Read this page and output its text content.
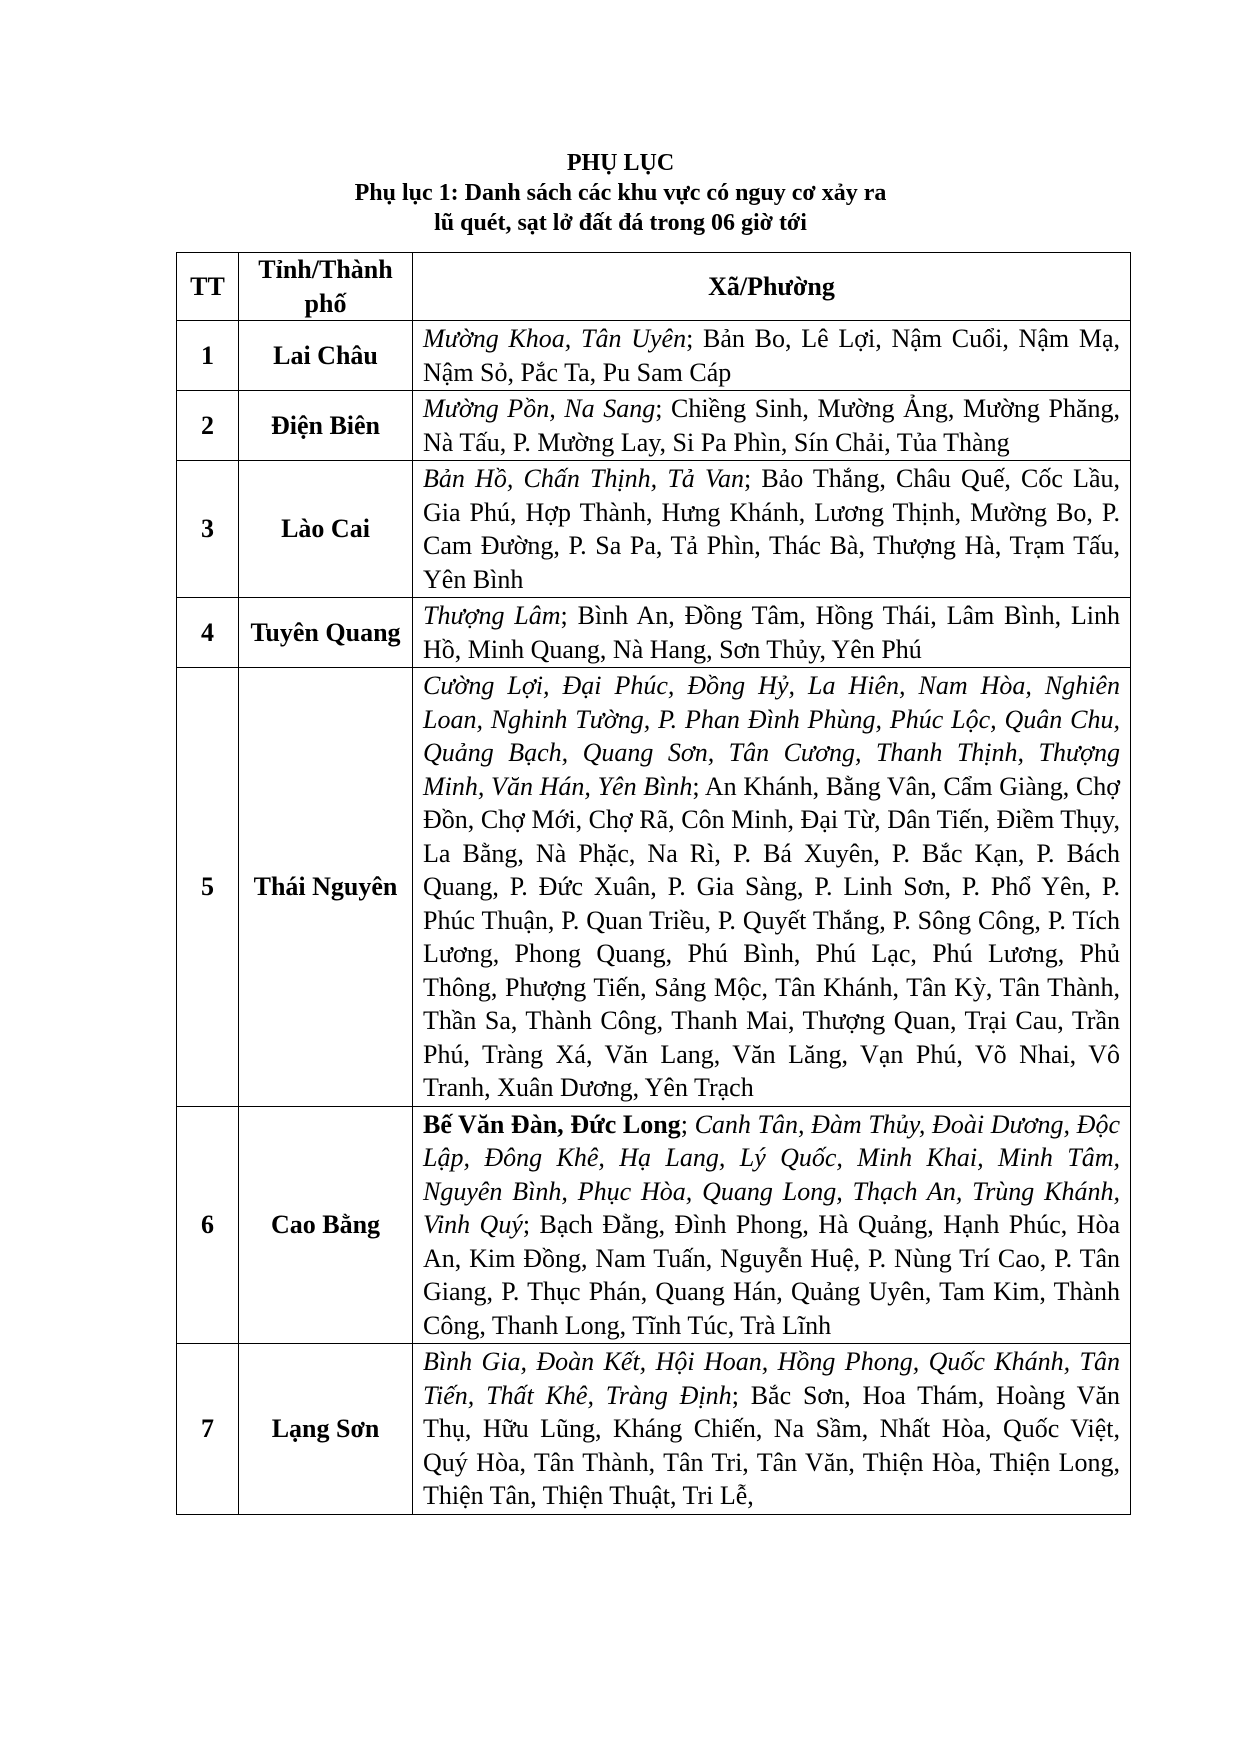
PHỤ LỤC
Phụ lục 1: Danh sách các khu vực có nguy cơ xảy ra
lũ quét, sạt lở đất đá trong 06 giờ tới
TT	Tỉnh/Thành phố	Xã/Phường
1	Lai Châu	Mường Khoa, Tân Uyên; Bản Bo, Lê Lợi, Nậm Cuổi, Nậm Mạ, Nậm Sỏ, Pắc Ta, Pu Sam Cáp
2	Điện Biên	Mường Pồn, Na Sang; Chiềng Sinh, Mường Ảng, Mường Phăng, Nà Tấu, P. Mường Lay, Si Pa Phìn, Sín Chải, Tủa Thàng
3	Lào Cai	Bản Hồ, Chấn Thịnh, Tả Van; Bảo Thắng, Châu Quế, Cốc Lầu, Gia Phú, Hợp Thành, Hưng Khánh, Lương Thịnh, Mường Bo, P. Cam Đường, P. Sa Pa, Tả Phìn, Thác Bà, Thượng Hà, Trạm Tấu, Yên Bình
4	Tuyên Quang	Thượng Lâm; Bình An, Đồng Tâm, Hồng Thái, Lâm Bình, Linh Hồ, Minh Quang, Nà Hang, Sơn Thủy, Yên Phú
5	Thái Nguyên	Cường Lợi, Đại Phúc, Đồng Hỷ, La Hiên, Nam Hòa, Nghiên Loan, Nghinh Tường, P. Phan Đình Phùng, Phúc Lộc, Quân Chu, Quảng Bạch, Quang Sơn, Tân Cương, Thanh Thịnh, Thượng Minh, Văn Hán, Yên Bình; An Khánh, Bằng Vân, Cẩm Giàng, Chợ Đồn, Chợ Mới, Chợ Rã, Côn Minh, Đại Từ, Dân Tiến, Điềm Thụy, La Bằng, Nà Phặc, Na Rì, P. Bá Xuyên, P. Bắc Kạn, P. Bách Quang, P. Đức Xuân, P. Gia Sàng, P. Linh Sơn, P. Phổ Yên, P. Phúc Thuận, P. Quan Triều, P. Quyết Thắng, P. Sông Công, P. Tích Lương, Phong Quang, Phú Bình, Phú Lạc, Phú Lương, Phủ Thông, Phượng Tiến, Sảng Mộc, Tân Khánh, Tân Kỳ, Tân Thành, Thần Sa, Thành Công, Thanh Mai, Thượng Quan, Trại Cau, Trần Phú, Tràng Xá, Văn Lang, Văn Lăng, Vạn Phú, Võ Nhai, Vô Tranh, Xuân Dương, Yên Trạch
6	Cao Bằng	Bế Văn Đàn, Đức Long; Canh Tân, Đàm Thủy, Đoài Dương, Độc Lập, Đông Khê, Hạ Lang, Lý Quốc, Minh Khai, Minh Tâm, Nguyên Bình, Phục Hòa, Quang Long, Thạch An, Trùng Khánh, Vinh Quý; Bạch Đằng, Đình Phong, Hà Quảng, Hạnh Phúc, Hòa An, Kim Đồng, Nam Tuấn, Nguyễn Huệ, P. Nùng Trí Cao, P. Tân Giang, P. Thục Phán, Quang Hán, Quảng Uyên, Tam Kim, Thành Công, Thanh Long, Tĩnh Túc, Trà Lĩnh
7	Lạng Sơn	Bình Gia, Đoàn Kết, Hội Hoan, Hồng Phong, Quốc Khánh, Tân Tiến, Thất Khê, Tràng Định; Bắc Sơn, Hoa Thám, Hoàng Văn Thụ, Hữu Lũng, Kháng Chiến, Na Sầm, Nhất Hòa, Quốc Việt, Quý Hòa, Tân Thành, Tân Tri, Tân Văn, Thiện Hòa, Thiện Long, Thiện Tân, Thiện Thuật, Tri Lễ,
